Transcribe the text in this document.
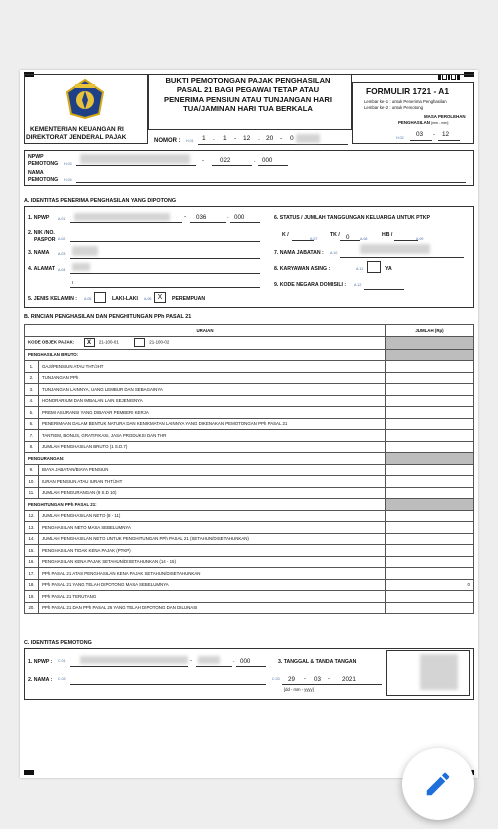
KEMENTERIAN KEUANGAN RI
DIREKTORAT JENDERAL PAJAK
BUKTI PEMOTONGAN PAJAK PENGHASILAN
PASAL 21 BAGI PEGAWAI TETAP ATAU
PENERIMA PENSIUN ATAU TUNJANGAN HARI
TUA/JAMINAN HARI TUA BERKALA
NOMOR : H.01 1 . 1 - 12 . 20 - 0
FORMULIR 1721 - A1
Lembar ke-1 : untuk Penerima Penghasilan
Lembar ke-2 : untuk Pemotong
MASA PEROLEHAN
PENGHASILAN [mm - mm]
H.02 03 - 12
NPWP
PEMOTONG H.03	-	022	. 000
NAMA
PEMOTONG H.04
A. IDENTITAS PENERIMA PENGHASILAN YANG DIPOTONG
1. NPWP A.01	- 036	. 000
2. NIK /NO.
PASPOR A.02
3. NAMA A.03
4. ALAMAT A.04
I
5. JENIS KELAMIN : A.05	LAKI-LAKI A.06 X	PEREMPUAN
6. STATUS / JUMLAH TANGGUNGAN KELUARGA UNTUK PTKP
K /
A.07
TK / 0	A.08
HB /
A.09
7. NAMA JABATAN : A.10
8. KARYAWAN ASING :	A.11	YA
9. KODE NEGARA DOMISILI : A.12
B. RINCIAN PENGHASILAN DAN PENGHITUNGAN PPh PASAL 21
URAIAN		JUMLAH (Rp)
KODE OBJEK PAJAK: X 21-100-01 21-100-02		
PENGHASILAN BRUTO:		
1.	GAJI/PENSIUN ATAU THT/JHT	
2.	TUNJANGAN PPh	
3.	TUNJANGAN LAINNYA, UANG LEMBUR DAN SEBAGAINYA	
4.	HONORARIUM DAN IMBALAN LAIN SEJENISNYA	
5.	PREMI ASURANSI YANG DIBAYAR PEMBERI KERJA	
6.	PENERIMAAN DALAM BENTUK NATURA DAN KENIKMATAN LAINNYA YANG DIKENAKAN PEMOTONGAN PPh PASAL 21	
7.	TANTIEM, BONUS, GRATIFIKASI, JASA PRODUKSI DAN THR	
8.	JUMLAH PENGHASILAN BRUTO (1 S.D.7)	
PENGURANGAN:		
9.	BIAYA JABATAN/BIAYA PENSIUN	
10.	IURAN PENSIUN ATAU IURAN THT/JHT	
11.	JUMLAH PENGURANGAN (9 S.D 10)	
PENGHITUNGAN PPh PASAL 21:		
12.	JUMLAH PENGHASILAN NETO (8 - 11)	
13.	PENGHASILAN NETO MASA SEBELUMNYA	
14.	JUMLAH PENGHASILAN NETO UNTUK PENGHITUNGAN PPh PASAL 21 (SETAHUN/DISETAHUNKAN)	
15.	PENGHASILAN TIDAK KENA PAJAK (PTKP)	
16.	PENGHASILAN KENA PAJAK SETAHUN/DISETAHUNKAN (14 - 15)	
17.	PPh PASAL 21 ATAS PENGHASILAN KENA PAJAK SETAHUN/DISETAHUNKAN	
18.	PPh PASAL 21 YANG TELAH DIPOTONG MASA SEBELUMNYA	0
19.	PPh PASAL 21 TERUTANG	
20.	PPh PASAL 21 DAN PPh PASAL 26 YANG TELAH DIPOTONG DAN DILUNASI	
C. IDENTITAS PEMOTONG
1. NPWP : C.01	-	. 000	3. TANGGAL & TANDA TANGAN
2. NAMA : C.02	C.03 29 - 03 - 2021
[dd - mm - yyyy]
